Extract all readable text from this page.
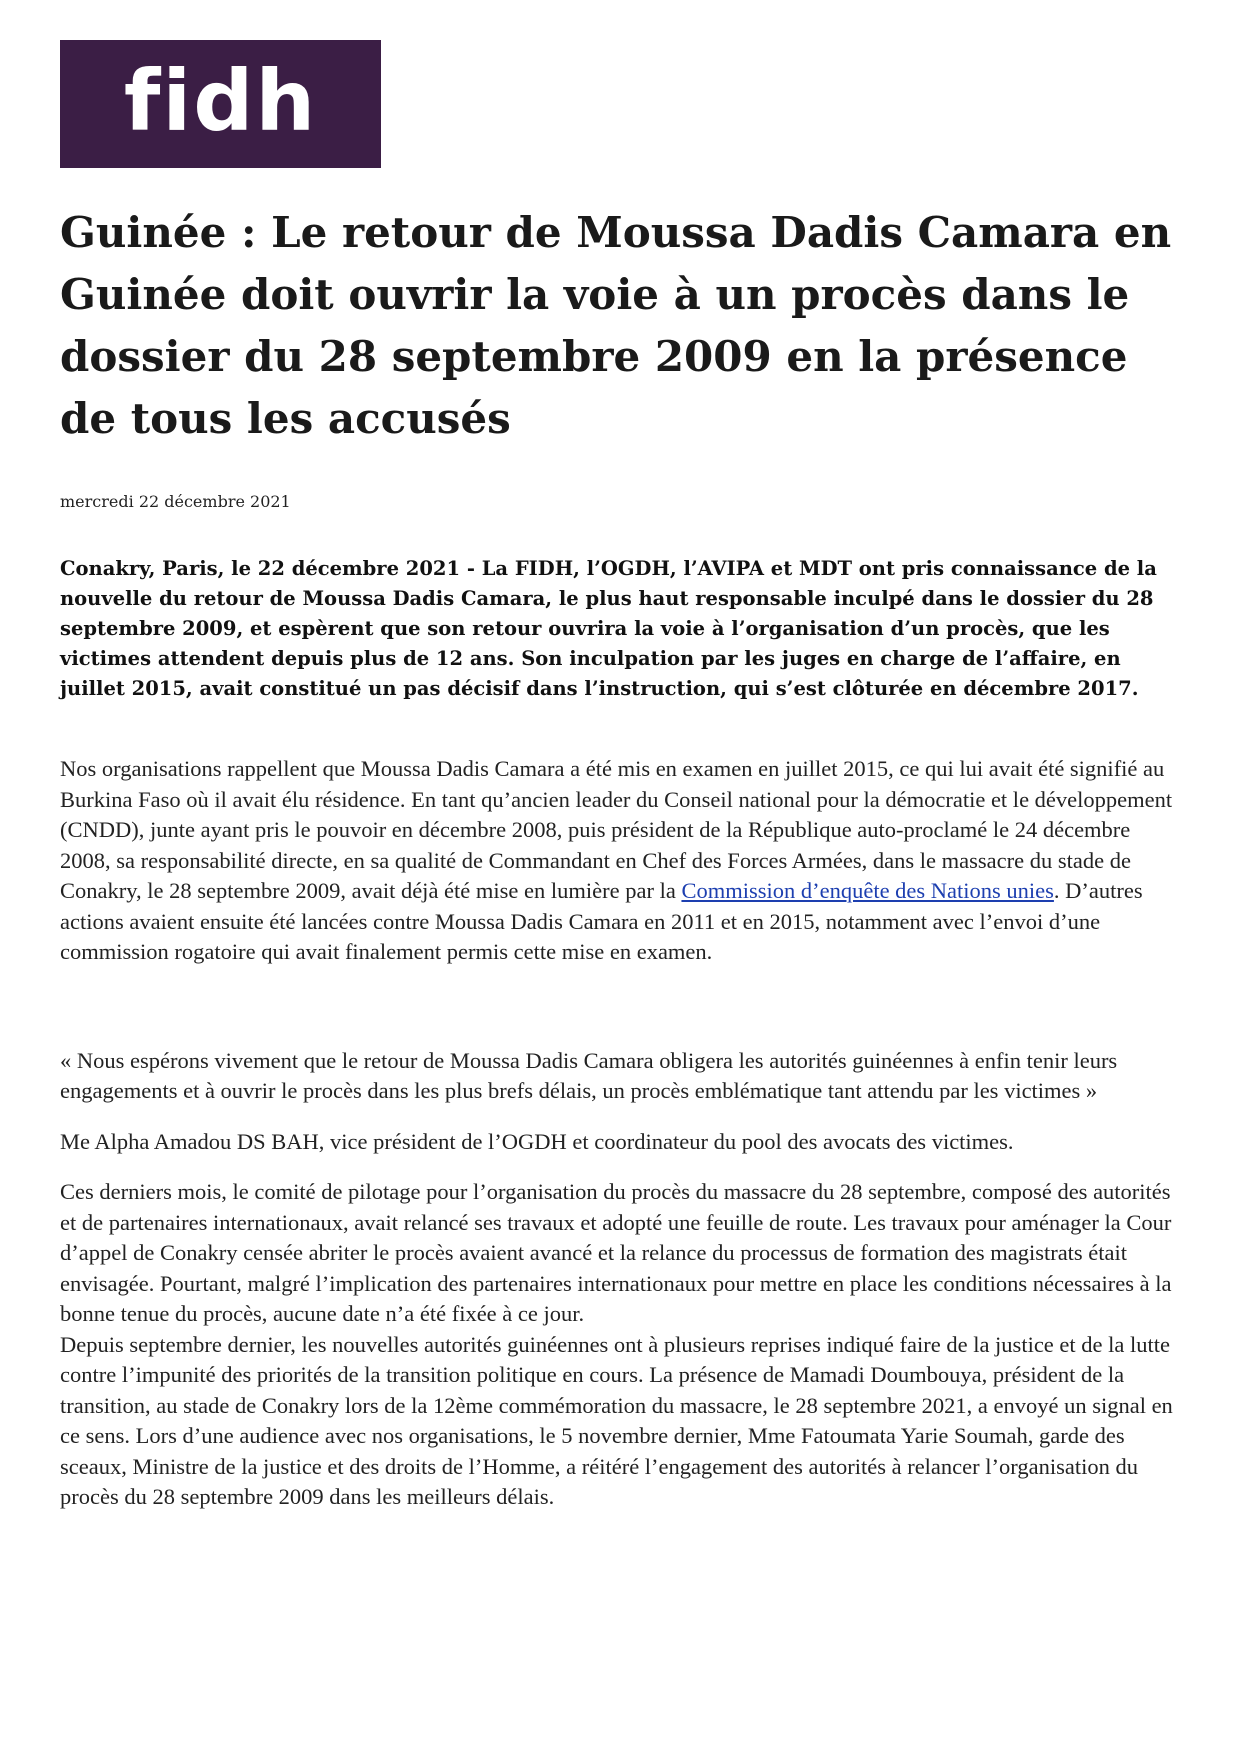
fidh
Guinée : Le retour de Moussa Dadis Camara en Guinée doit ouvrir la voie à un procès dans le dossier du 28 septembre 2009 en la présence de tous les accusés
mercredi 22 décembre 2021

Conakry, Paris, le 22 décembre 2021 - La FIDH, l’OGDH, l’AVIPA et MDT ont pris connaissance de la nouvelle du retour de Moussa Dadis Camara, le plus haut responsable inculpé dans le dossier du 28 septembre 2009, et espèrent que son retour ouvrira la voie à l’organisation d’un procès, que les victimes attendent depuis plus de 12 ans. Son inculpation par les juges en charge de l’affaire, en juillet 2015, avait constitué un pas décisif dans l’instruction, qui s’est clôturée en décembre 2017.

Nos organisations rappellent que Moussa Dadis Camara a été mis en examen en juillet 2015, ce qui lui avait été signifié au Burkina Faso où il avait élu résidence. En tant qu’ancien leader du Conseil national pour la démocratie et le développement (CNDD), junte ayant pris le pouvoir en décembre 2008, puis président de la République auto-proclamé le 24 décembre 2008, sa responsabilité directe, en sa qualité de Commandant en Chef des Forces Armées, dans le massacre du stade de Conakry, le 28 septembre 2009, avait déjà été mise en lumière par la Commission d’enquête des Nations unies. D’autres actions avaient ensuite été lancées contre Moussa Dadis Camara en 2011 et en 2015, notamment avec l’envoi d’une commission rogatoire qui avait finalement permis cette mise en examen.

« Nous espérons vivement que le retour de Moussa Dadis Camara obligera les autorités guinéennes à enfin tenir leurs engagements et à ouvrir le procès dans les plus brefs délais, un procès emblématique tant attendu par les victimes »

Me Alpha Amadou DS BAH, vice président de l’OGDH et coordinateur du pool des avocats des victimes.

Ces derniers mois, le comité de pilotage pour l’organisation du procès du massacre du 28 septembre, composé des autorités et de partenaires internationaux, avait relancé ses travaux et adopté une feuille de route. Les travaux pour aménager la Cour d’appel de Conakry censée abriter le procès avaient avancé et la relance du processus de formation des magistrats était envisagée. Pourtant, malgré l’implication des partenaires internationaux pour mettre en place les conditions nécessaires à la bonne tenue du procès, aucune date n’a été fixée à ce jour.

Depuis septembre dernier, les nouvelles autorités guinéennes ont à plusieurs reprises indiqué faire de la justice et de la lutte contre l’impunité des priorités de la transition politique en cours. La présence de Mamadi Doumbouya, président de la transition, au stade de Conakry lors de la 12ème commémoration du massacre, le 28 septembre 2021, a envoyé un signal en ce sens. Lors d’une audience avec nos organisations, le 5 novembre dernier, Mme Fatoumata Yarie Soumah, garde des sceaux, Ministre de la justice et des droits de l’Homme, a réitéré l’engagement des autorités à relancer l’organisation du procès du 28 septembre 2009 dans les meilleurs délais.
